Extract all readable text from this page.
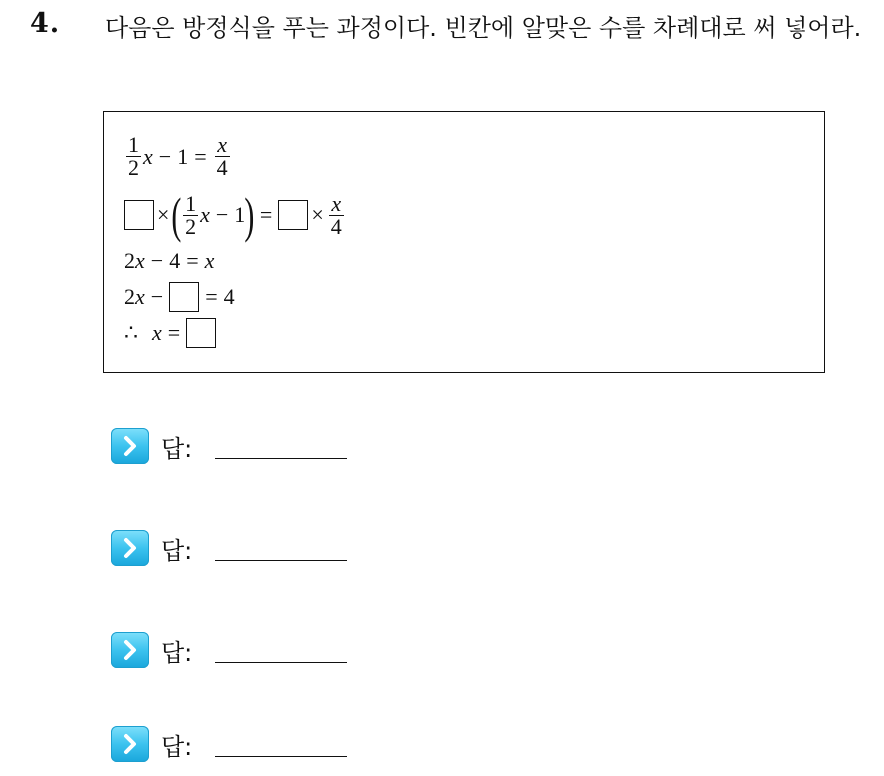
4. 다음은 방정식을 푸는 과정이다. 빈칸에 알맞은 수를 차례대로 써 넣어라.
$\frac{1}{2}$ $x - 1 = \frac{x}{4}$
× ( $\frac{1}{2}$ x − 1 ) = × $\frac{x}{4}$
2 x − 4 = x
2 x − = 4
∴ x =
답:
답:
답:
답:
